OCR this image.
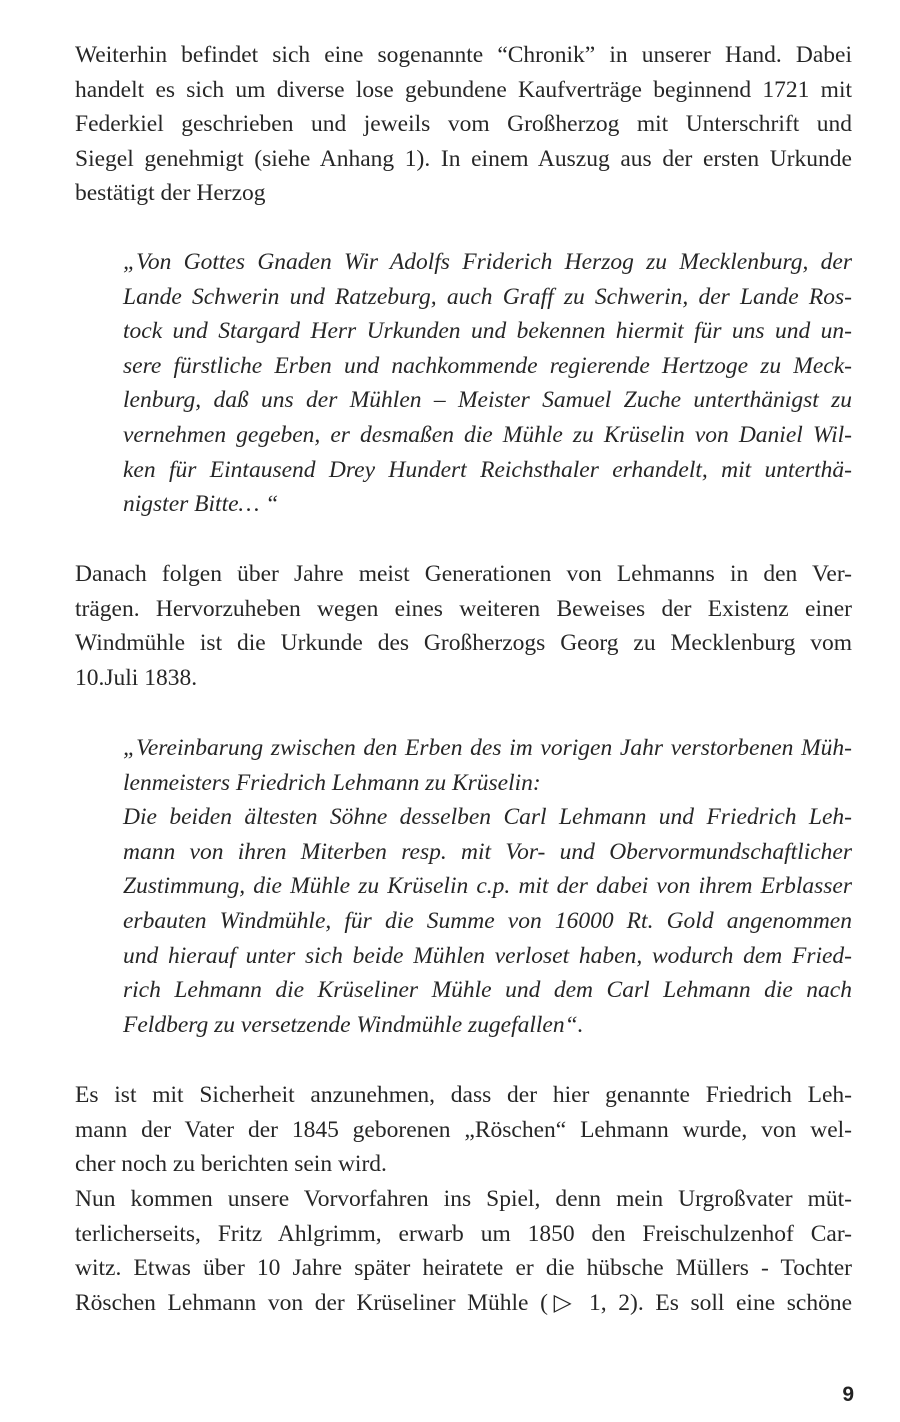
Weiterhin befindet sich eine sogenannte “Chronik” in unserer Hand. Dabei
handelt es sich um diverse lose gebundene Kaufverträge beginnend 1721 mit
Federkiel geschrieben und jeweils vom Großherzog mit Unterschrift und
Siegel genehmigt (siehe Anhang 1). In einem Auszug aus der ersten Urkunde
bestätigt der Herzog
„Von Gottes Gnaden Wir Adolfs Friderich Herzog zu Mecklenburg, der
Lande Schwerin und Ratzeburg, auch Graff zu Schwerin, der Lande Ros-
tock und Stargard Herr Urkunden und bekennen hiermit für uns und un-
sere fürstliche Erben und nachkommende regierende Hertzoge zu Meck-
lenburg, daß uns der Mühlen – Meister Samuel Zuche unterthänigst zu
vernehmen gegeben, er desmaßen die Mühle zu Krüselin von Daniel Wil-
ken für Eintausend Drey Hundert Reichsthaler erhandelt, mit unterthä-
nigster Bitte… “
Danach folgen über Jahre meist Generationen von Lehmanns in den Ver-
trägen. Hervorzuheben wegen eines weiteren Beweises der Existenz einer
Windmühle ist die Urkunde des Großherzogs Georg zu Mecklenburg vom
10.Juli 1838.
„Vereinbarung zwischen den Erben des im vorigen Jahr verstorbenen Müh-
lenmeisters Friedrich Lehmann zu Krüselin:
Die beiden ältesten Söhne desselben Carl Lehmann und Friedrich Leh-
mann von ihren Miterben resp. mit Vor- und Obervormundschaftlicher
Zustimmung, die Mühle zu Krüselin c.p. mit der dabei von ihrem Erblasser
erbauten Windmühle, für die Summe von 16000 Rt. Gold angenommen
und hierauf unter sich beide Mühlen verloset haben, wodurch dem Fried-
rich Lehmann die Krüseliner Mühle und dem Carl Lehmann die nach
Feldberg zu versetzende Windmühle zugefallen“.
Es ist mit Sicherheit anzunehmen, dass der hier genannte Friedrich Leh-
mann der Vater der 1845 geborenen „Röschen“ Lehmann wurde, von wel-
cher noch zu berichten sein wird.
Nun kommen unsere Vorvorfahren ins Spiel, denn mein Urgroßvater müt-
terlicherseits, Fritz Ahlgrimm, erwarb um 1850 den Freischulzenhof Car-
witz. Etwas über 10 Jahre später heiratete er die hübsche Müllers - Tochter
Röschen Lehmann von der Krüseliner Mühle (▷ 1, 2). Es soll eine schöne
9
